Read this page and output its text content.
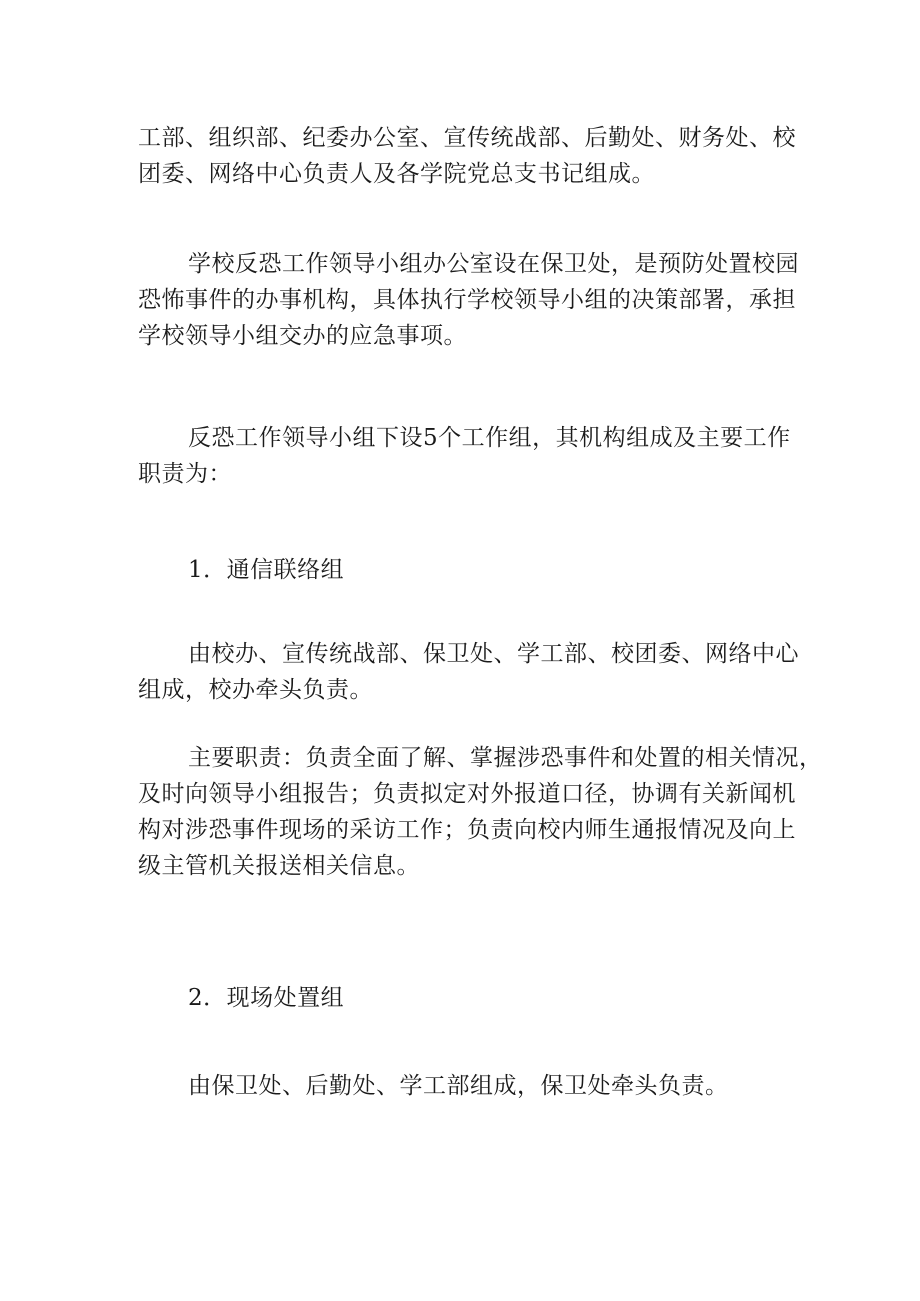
工部、组织部、纪委办公室、宣传统战部、后勤处、财务处、校
团委、网络中心负责人及各学院党总支书记组成。
学校反恐工作领导小组办公室设在保卫处，是预防处置校园
恐怖事件的办事机构，具体执行学校领导小组的决策部署，承担
学校领导小组交办的应急事项。
反恐工作领导小组下设5个工作组，其机构组成及主要工作
职责为：
1．通信联络组
由校办、宣传统战部、保卫处、学工部、校团委、网络中心
组成，校办牵头负责。
主要职责：负责全面了解、掌握涉恐事件和处置的相关情况，
及时向领导小组报告；负责拟定对外报道口径，协调有关新闻机
构对涉恐事件现场的采访工作；负责向校内师生通报情况及向上
级主管机关报送相关信息。
2．现场处置组
由保卫处、后勤处、学工部组成，保卫处牵头负责。
